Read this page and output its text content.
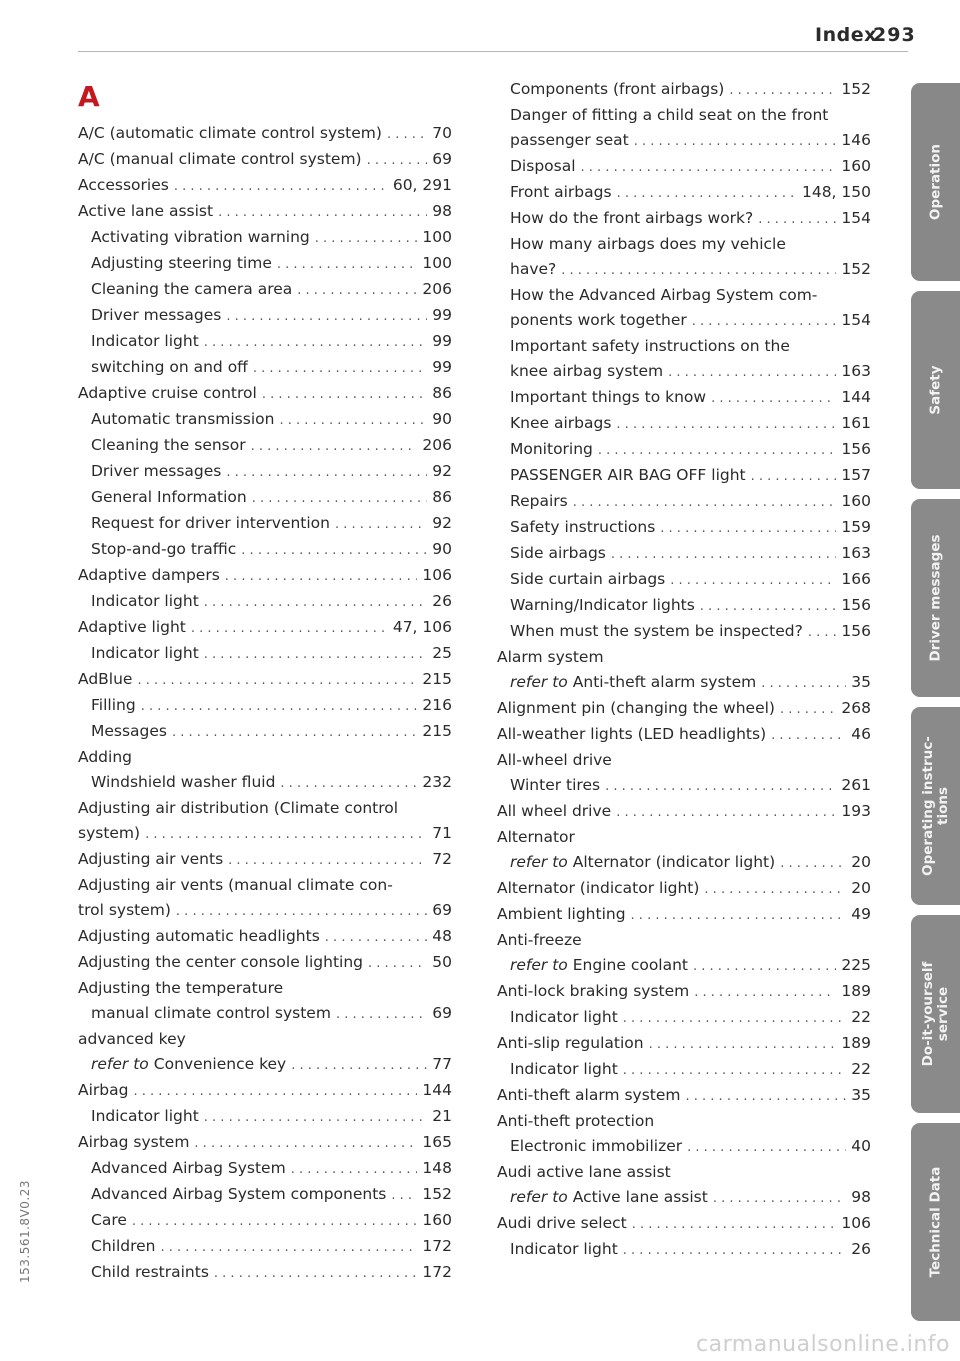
Index
293
A
A/C (automatic climate control system) . . .	70
A/C (manual climate control system) . . .	69
Accessories . . .	60, 291
Active lane assist . . .	98
Activating vibration warning . . .	100
Adjusting steering time . . .	100
Cleaning the camera area . . .	206
Driver messages . . .	99
Indicator light . . .	99
switching on and off . . .	99
Adaptive cruise control . . .	86
Automatic transmission . . .	90
Cleaning the sensor . . .	206
Driver messages . . .	92
General Information . . .	86
Request for driver intervention . . .	92
Stop-and-go traffic . . .	90
Adaptive dampers . . .	106
Indicator light . . .	26
Adaptive light . . .	47, 106
Indicator light . . .	25
AdBlue . . .	215
Filling . . .	216
Messages . . .	215
Adding
Windshield washer fluid . . .	232
Adjusting air distribution (Climate control
system) . . .	71
Adjusting air vents . . .	72
Adjusting air vents (manual climate con-
trol system) . . .	69
Adjusting automatic headlights . . .	48
Adjusting the center console lighting . . .	50
Adjusting the temperature
manual climate control system . . .	69
advanced key
refer to Convenience key . . .	77
Airbag . . .	144
Indicator light . . .	21
Airbag system . . .	165
Advanced Airbag System . . .	148
Advanced Airbag System components . . . 152
Care . . .	160
Children . . .	172
Child restraints . . .	172
Components (front airbags) . . .	152
Danger of fitting a child seat on the front
passenger seat . . .	146
Disposal . . .	160
Front airbags . . .	148, 150
How do the front airbags work? . . .	154
How many airbags does my vehicle
have? . . .	152
How the Advanced Airbag System com-
ponents work together . . .	154
Important safety instructions on the
knee airbag system . . .	163
Important things to know . . .	144
Knee airbags . . .	161
Monitoring . . .	156
PASSENGER AIR BAG OFF light . . .	157
Repairs . . .	160
Safety instructions . . .	159
Side airbags . . .	163
Side curtain airbags . . .	166
Warning/Indicator lights . . .	156
When must the system be inspected? . . . 156
Alarm system
refer to Anti-theft alarm system . . .	35
Alignment pin (changing the wheel) . . .	268
All-weather lights (LED headlights) . . .	46
All-wheel drive
Winter tires . . .	261
All wheel drive . . .	193
Alternator
refer to Alternator (indicator light) . . .	20
Alternator (indicator light) . . .	20
Ambient lighting . . .	49
Anti-freeze
refer to Engine coolant . . .	225
Anti-lock braking system . . .	189
Indicator light . . .	22
Anti-slip regulation . . .	189
Indicator light . . .	22
Anti-theft alarm system . . .	35
Anti-theft protection
Electronic immobilizer . . .	40
Audi active lane assist
refer to Active lane assist . . .	98
Audi drive select . . .	106
Indicator light . . .	26
Operation
Safety
Driver messages
Operating instruc-
tions
Do-it-yourself
service
Technical Data
153.561.8V0.23
carmanualsonline.info
